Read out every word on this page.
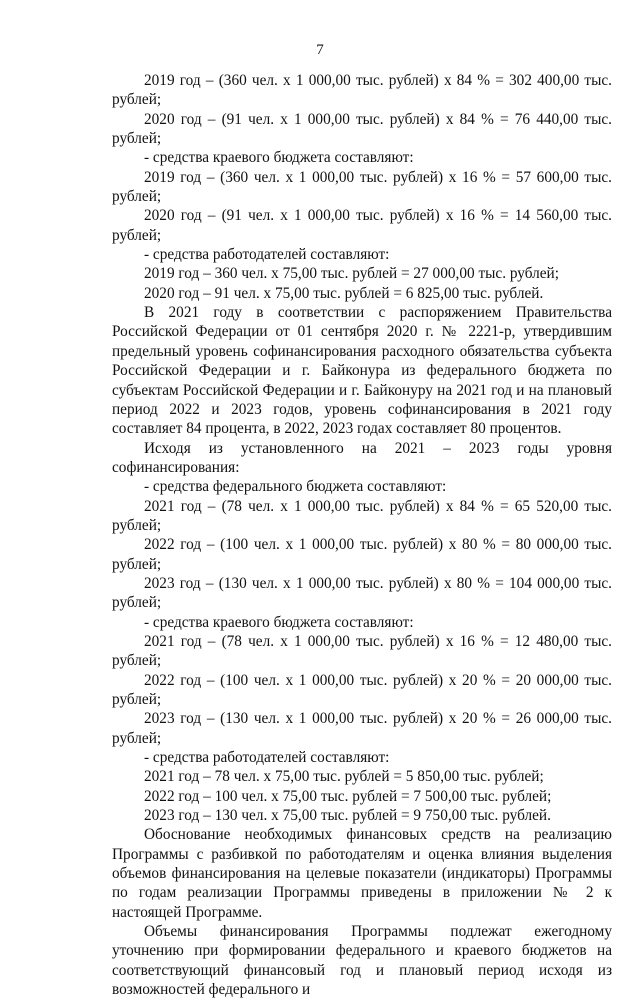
7

2019 год – (360 чел. х 1 000,00 тыс. рублей) х 84 % = 302 400,00 тыс. рублей;

2020 год – (91 чел. х 1 000,00 тыс. рублей) х 84 % = 76 440,00 тыс. рублей;

- средства краевого бюджета составляют:

2019 год – (360 чел. х 1 000,00 тыс. рублей) х 16 % = 57 600,00 тыс. рублей;

2020 год – (91 чел. х 1 000,00 тыс. рублей) х 16 % = 14 560,00 тыс. рублей;

- средства работодателей составляют:

2019 год – 360 чел. х 75,00 тыс. рублей = 27 000,00 тыс. рублей;

2020 год – 91 чел. х 75,00 тыс. рублей = 6 825,00 тыс. рублей.

В 2021 году в соответствии с распоряжением Правительства Российской Федерации от 01 сентября 2020 г. № 2221-р, утвердившим предельный уровень софинансирования расходного обязательства субъекта Российской Федерации и г. Байконура из федерального бюджета по субъектам Российской Федерации и г. Байконуру на 2021 год и на плановый период 2022 и 2023 годов, уровень софинансирования в 2021 году составляет 84 процента, в 2022, 2023 годах составляет 80 процентов.

Исходя из установленного на 2021 – 2023 годы уровня софинансирования:

- средства федерального бюджета составляют:

2021 год – (78 чел. х 1 000,00 тыс. рублей) х 84 % = 65 520,00 тыс. рублей;

2022 год – (100 чел. х 1 000,00 тыс. рублей) х 80 % = 80 000,00 тыс. рублей;

2023 год – (130 чел. х 1 000,00 тыс. рублей) х 80 % = 104 000,00 тыс. рублей;

- средства краевого бюджета составляют:

2021 год – (78 чел. х 1 000,00 тыс. рублей) х 16 % = 12 480,00 тыс. рублей;

2022 год – (100 чел. х 1 000,00 тыс. рублей) х 20 % = 20 000,00 тыс. рублей;

2023 год – (130 чел. х 1 000,00 тыс. рублей) х 20 % = 26 000,00 тыс. рублей;

- средства работодателей составляют:

2021 год – 78 чел. х 75,00 тыс. рублей = 5 850,00 тыс. рублей;

2022 год – 100 чел. х 75,00 тыс. рублей = 7 500,00 тыс. рублей;

2023 год – 130 чел. х 75,00 тыс. рублей = 9 750,00 тыс. рублей.

Обоснование необходимых финансовых средств на реализацию Программы с разбивкой по работодателям и оценка влияния выделения объемов финансирования на целевые показатели (индикаторы) Программы по годам реализации Программы приведены в приложении № 2 к настоящей Программе.

Объемы финансирования Программы подлежат ежегодному уточнению при формировании федерального и краевого бюджетов на соответствующий финансовый год и плановый период исходя из возможностей федерального и
